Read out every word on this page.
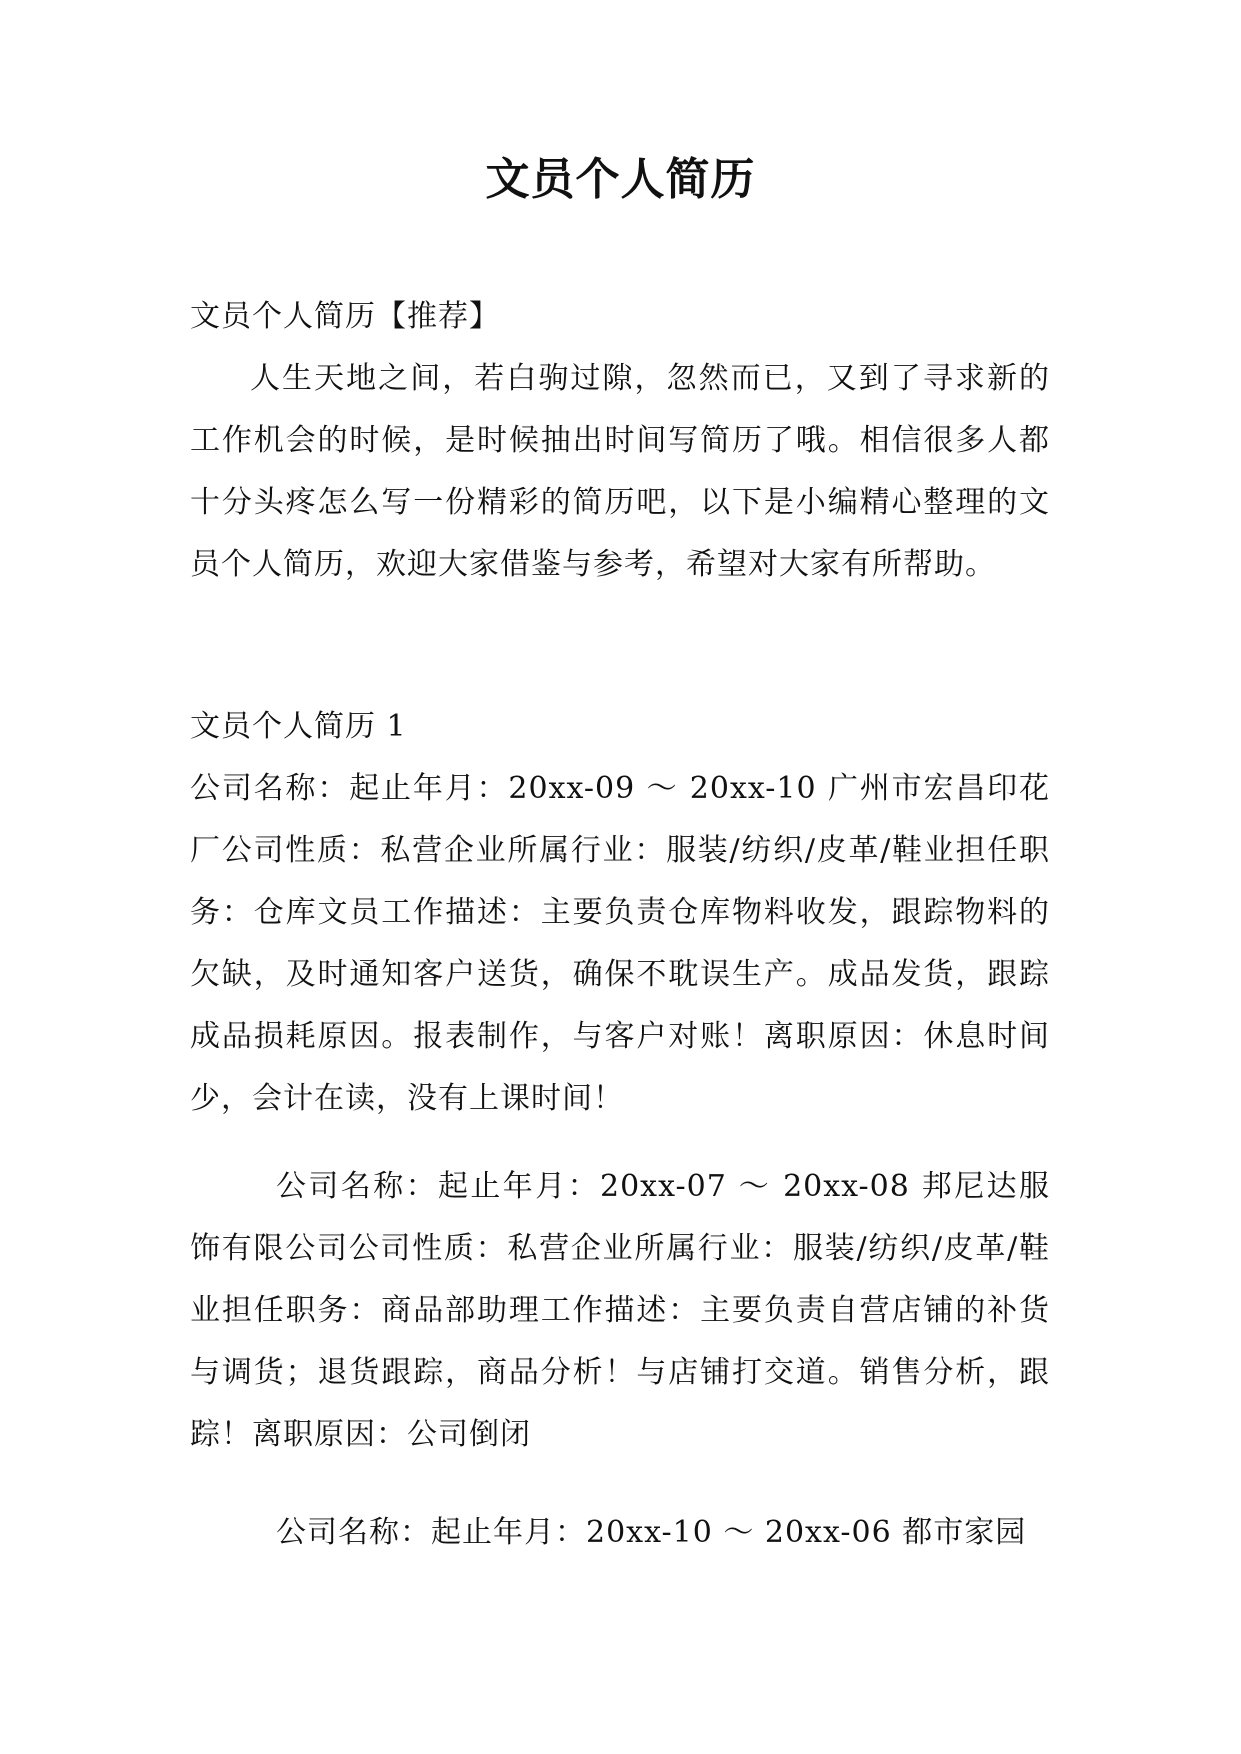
文员个人简历

文员个人简历【推荐】

人生天地之间，若白驹过隙，忽然而已，又到了寻求新的工作机会的时候，是时候抽出时间写简历了哦。相信很多人都十分头疼怎么写一份精彩的简历吧，以下是小编精心整理的文员个人简历，欢迎大家借鉴与参考，希望对大家有所帮助。

文员个人简历 1

公司名称：起止年月：20xx-09 ～ 20xx-10 广州市宏昌印花厂公司性质：私营企业所属行业：服装/纺织/皮革/鞋业担任职务：仓库文员工作描述：主要负责仓库物料收发，跟踪物料的欠缺，及时通知客户送货，确保不耽误生产。成品发货，跟踪成品损耗原因。报表制作，与客户对账！离职原因：休息时间少，会计在读，没有上课时间！

公司名称：起止年月：20xx-07 ～ 20xx-08 邦尼达服饰有限公司公司性质：私营企业所属行业：服装/纺织/皮革/鞋业担任职务：商品部助理工作描述：主要负责自营店铺的补货与调货；退货跟踪，商品分析！与店铺打交道。销售分析，跟踪！离职原因：公司倒闭

公司名称：起止年月：20xx-10 ～ 20xx-06 都市家园
